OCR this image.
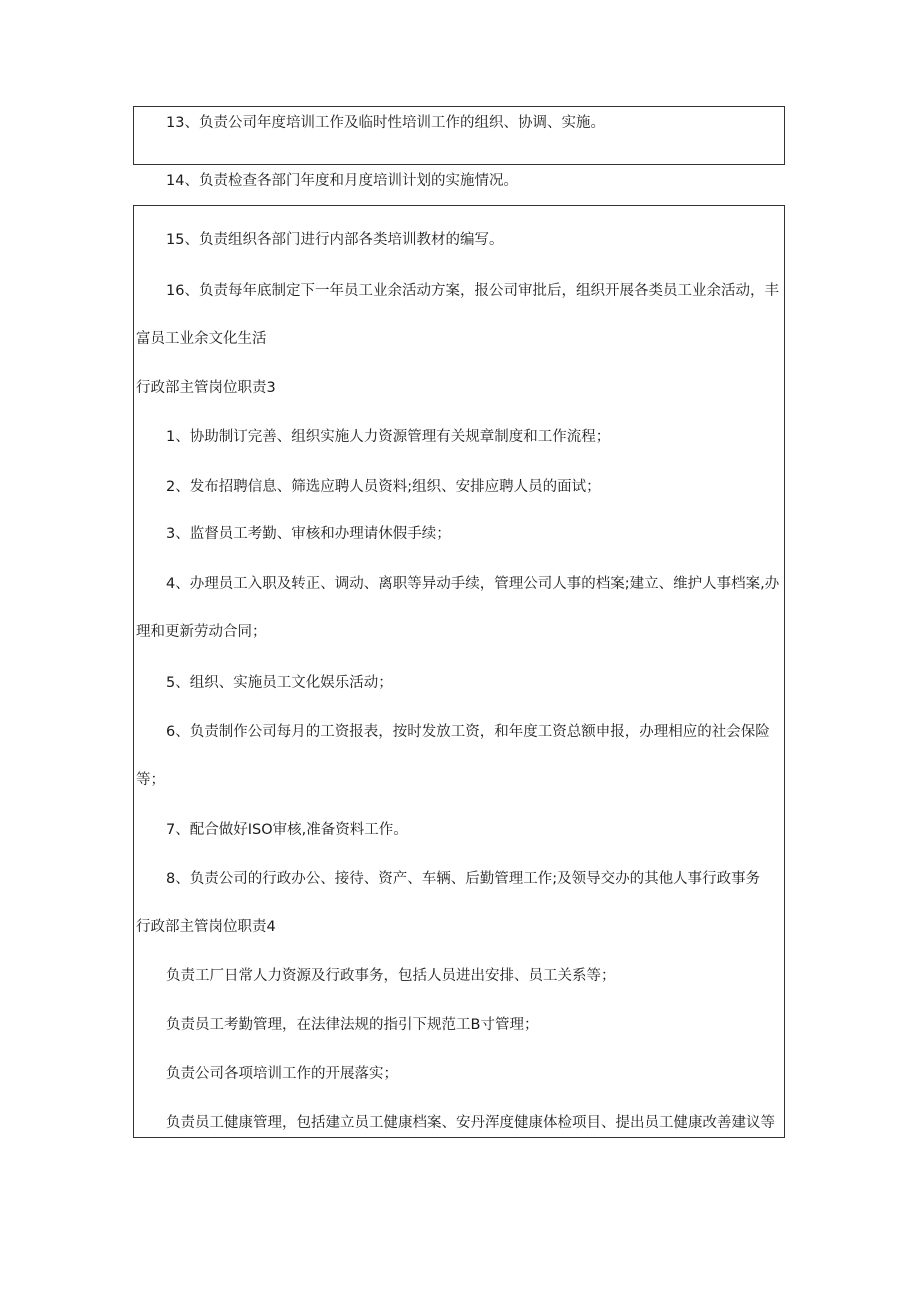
13、负责公司年度培训工作及临时性培训工作的组织、协调、实施。
14、负责检查各部门年度和月度培训计划的实施情况。
15、负责组织各部门进行内部各类培训教材的编写。
16、负责每年底制定下一年员工业余活动方案，报公司审批后，组织开展各类员工业余活动，丰
富员工业余文化生活
行政部主管岗位职责3
1、协助制订完善、组织实施人力资源管理有关规章制度和工作流程；
2、发布招聘信息、筛选应聘人员资料;组织、安排应聘人员的面试；
3、监督员工考勤、审核和办理请休假手续；
4、办理员工入职及转正、调动、离职等异动手续，管理公司人事的档案;建立、维护人事档案,办
理和更新劳动合同；
5、组织、实施员工文化娱乐活动；
6、负责制作公司每月的工资报表，按时发放工资，和年度工资总额申报，办理相应的社会保险
等；
7、配合做好ISO审核,准备资料工作。
8、负责公司的行政办公、接待、资产、车辆、后勤管理工作;及领导交办的其他人事行政事务
行政部主管岗位职责4
负责工厂日常人力资源及行政事务，包括人员进出安排、员工关系等；
负责员工考勤管理，在法律法规的指引下规范工B寸管理；
负责公司各项培训工作的开展落实；
负责员工健康管理，包括建立员工健康档案、安丹浑度健康体检项目、提出员工健康改善建议等
